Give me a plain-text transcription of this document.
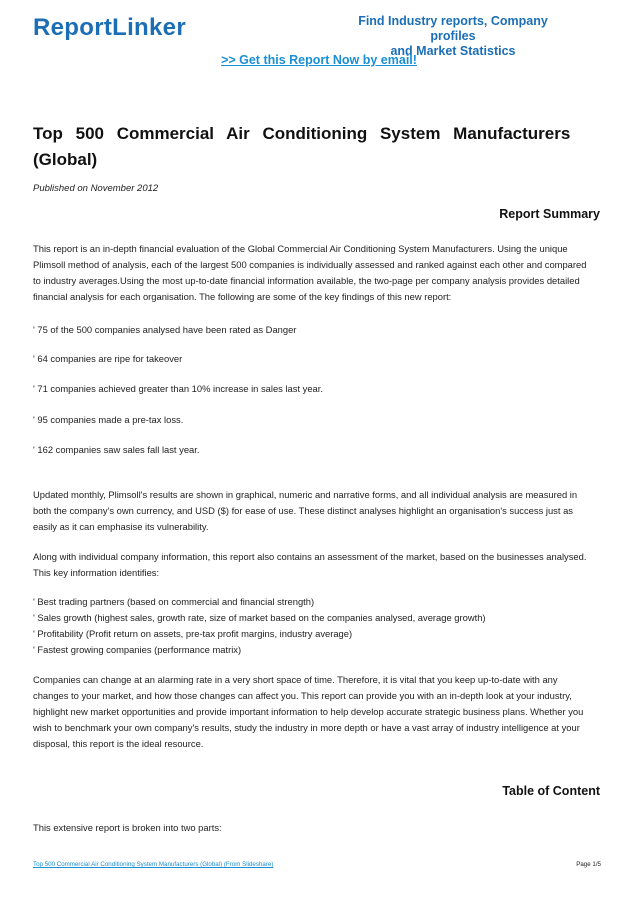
ReportLinker	Find Industry reports, Company profiles
and Market Statistics
>> Get this Report Now by email!
Top 500 Commercial Air Conditioning System Manufacturers
(Global)
Published on November 2012
Report Summary
This report is an in-depth financial evaluation of the Global Commercial Air Conditioning System Manufacturers. Using the unique
Plimsoll method of analysis, each of the largest 500 companies is individually assessed and ranked against each other and compared
to industry averages.Using the most up-to-date financial information available, the two-page per company analysis provides detailed
financial analysis for each organisation. The following are some of the key findings of this new report:
' 75 of the 500 companies analysed have been rated as Danger
' 64 companies are ripe for takeover
' 71 companies achieved greater than 10% increase in sales last year.
' 95 companies made a pre-tax loss.
' 162 companies saw sales fall last year.
Updated monthly, Plimsoll's results are shown in graphical, numeric and narrative forms, and all individual analysis are measured in
both the company's own currency, and USD ($) for ease of use. These distinct analyses highlight an organisation's success just as
easily as it can emphasise its vulnerability.
Along with individual company information, this report also contains an assessment of the market, based on the businesses analysed.
This key information identifies:
' Best trading partners (based on commercial and financial strength)
' Sales growth (highest sales, growth rate, size of market based on the companies analysed, average growth)
' Profitability (Profit return on assets, pre-tax profit margins, industry average)
' Fastest growing companies (performance matrix)
Companies can change at an alarming rate in a very short space of time. Therefore, it is vital that you keep up-to-date with any
changes to your market, and how those changes can affect you. This report can provide you with an in-depth look at your industry,
highlight new market opportunities and provide important information to help develop accurate strategic business plans. Whether you
wish to benchmark your own company's results, study the industry in more depth or have a vast array of industry intelligence at your
disposal, this report is the ideal resource.
Table of Content
This extensive report is broken into two parts:
Top 500 Commercial Air Conditioning System Manufacturers (Global) (From Slideshare)	Page 1/5
